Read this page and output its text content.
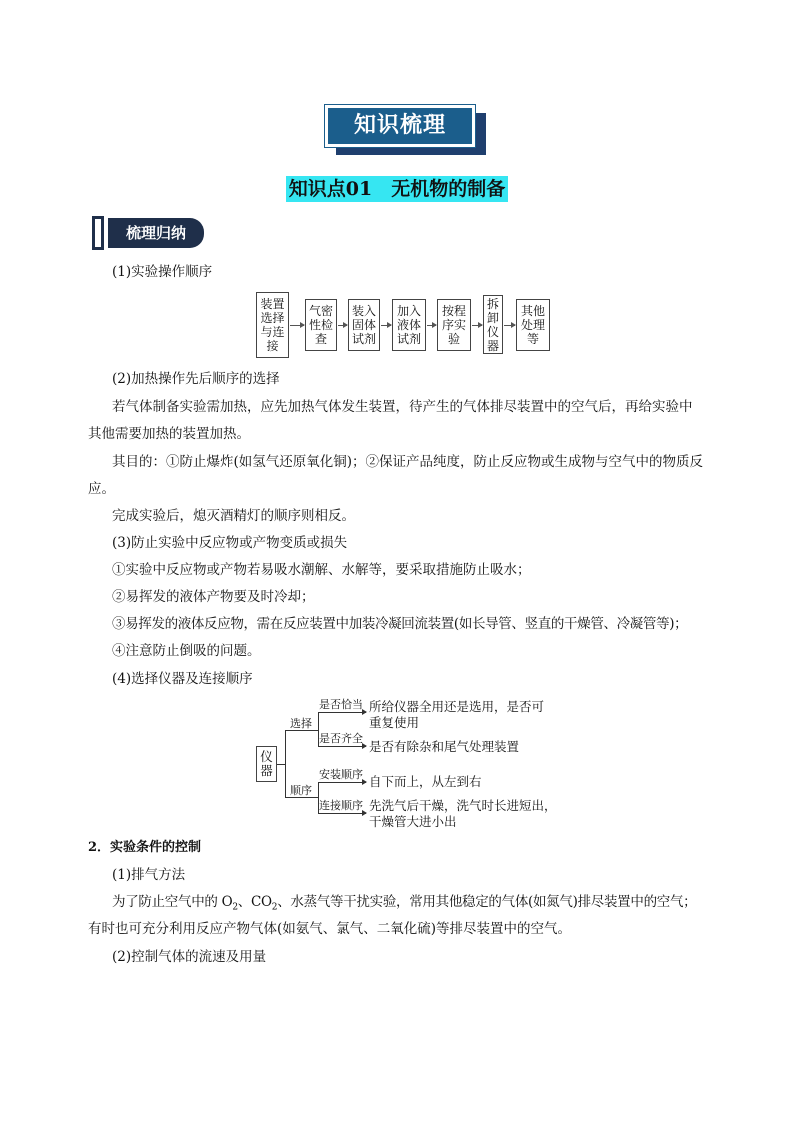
知识梳理
知识点01　无机物的制备
梳理归纳
(1)实验操作顺序
装置选择与连接
气密性检查
装入固体试剂
加入液体试剂
按程序实验
拆卸仪器
其他处理等
(2)加热操作先后顺序的选择
若气体制备实验需加热，应先加热气体发生装置，待产生的气体排尽装置中的空气后，再给实验中
其他需要加热的装置加热。
其目的：①防止爆炸(如氢气还原氧化铜)；②保证产品纯度，防止反应物或生成物与空气中的物质反
应。
完成实验后，熄灭酒精灯的顺序则相反。
(3)防止实验中反应物或产物变质或损失
①实验中反应物或产物若易吸水潮解、水解等，要采取措施防止吸水；
②易挥发的液体产物要及时冷却；
③易挥发的液体反应物，需在反应装置中加装冷凝回流装置(如长导管、竖直的干燥管、冷凝管等)；
④注意防止倒吸的问题。
(4)选择仪器及连接顺序
仪器
选择
顺序
是否恰当
是否齐全
所给仪器全用还是选用，是否可
重复使用
是否有除杂和尾气处理装置
安装顺序
连接顺序
自下而上，从左到右
先洗气后干燥，洗气时长进短出，
干燥管大进小出
2．实验条件的控制
(1)排气方法
为了防止空气中的 $O_2$、$CO_2$、水蒸气等干扰实验，常用其他稳定的气体(如氮气)排尽装置中的空气；
有时也可充分利用反应产物气体(如氨气、氯气、二氧化硫)等排尽装置中的空气。
(2)控制气体的流速及用量
